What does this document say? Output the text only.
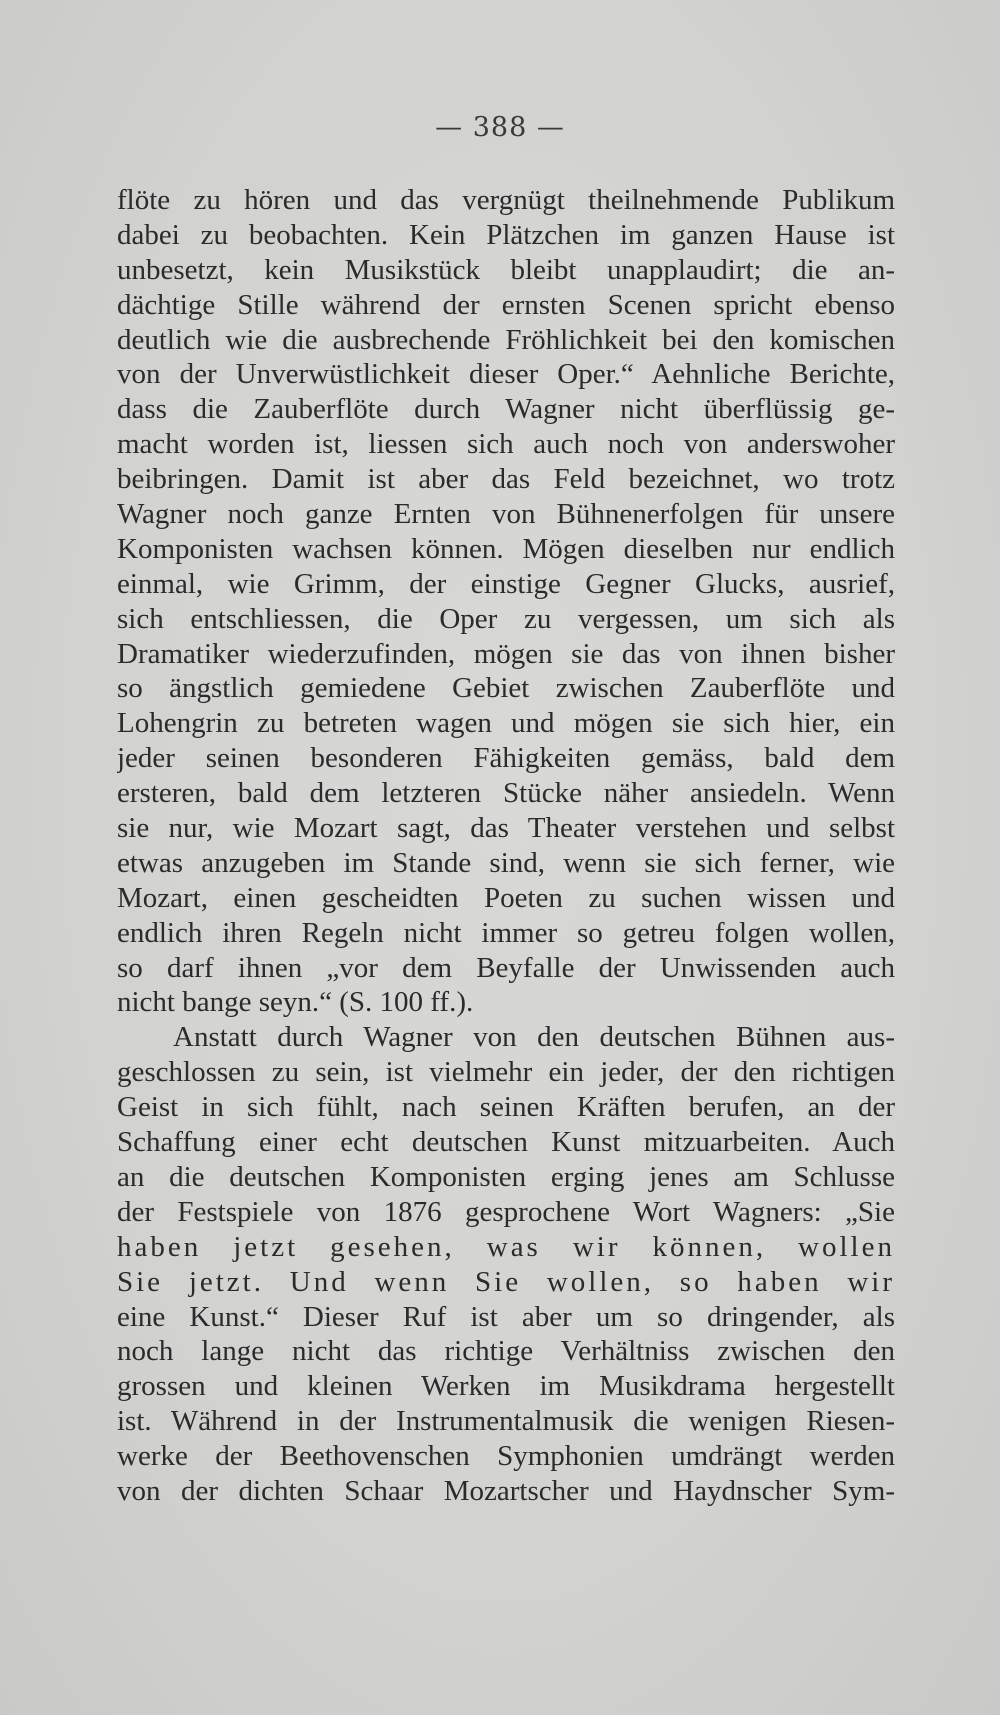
— 388 —
flöte zu hören und das vergnügt theilnehmende Publikum
dabei zu beobachten. Kein Plätzchen im ganzen Hause ist
unbesetzt, kein Musikstück bleibt unapplaudirt; die an-
dächtige Stille während der ernsten Scenen spricht ebenso
deutlich wie die ausbrechende Fröhlichkeit bei den komischen
von der Unverwüstlichkeit dieser Oper.“ Aehnliche Berichte,
dass die Zauberflöte durch Wagner nicht überflüssig ge-
macht worden ist, liessen sich auch noch von anderswoher
beibringen. Damit ist aber das Feld bezeichnet, wo trotz
Wagner noch ganze Ernten von Bühnenerfolgen für unsere
Komponisten wachsen können. Mögen dieselben nur endlich
einmal, wie Grimm, der einstige Gegner Glucks, ausrief,
sich entschliessen, die Oper zu vergessen, um sich als
Dramatiker wiederzufinden, mögen sie das von ihnen bisher
so ängstlich gemiedene Gebiet zwischen Zauberflöte und
Lohengrin zu betreten wagen und mögen sie sich hier, ein
jeder seinen besonderen Fähigkeiten gemäss, bald dem
ersteren, bald dem letzteren Stücke näher ansiedeln. Wenn
sie nur, wie Mozart sagt, das Theater verstehen und selbst
etwas anzugeben im Stande sind, wenn sie sich ferner, wie
Mozart, einen gescheidten Poeten zu suchen wissen und
endlich ihren Regeln nicht immer so getreu folgen wollen,
so darf ihnen „vor dem Beyfalle der Unwissenden auch
nicht bange seyn.“ (S. 100 ff.).
Anstatt durch Wagner von den deutschen Bühnen aus-
geschlossen zu sein, ist vielmehr ein jeder, der den richtigen
Geist in sich fühlt, nach seinen Kräften berufen, an der
Schaffung einer echt deutschen Kunst mitzuarbeiten. Auch
an die deutschen Komponisten erging jenes am Schlusse
der Festspiele von 1876 gesprochene Wort Wagners: „Sie
haben jetzt gesehen, was wir können, wollen
Sie jetzt. Und wenn Sie wollen, so haben wir
eine Kunst.“ Dieser Ruf ist aber um so dringender, als
noch lange nicht das richtige Verhältniss zwischen den
grossen und kleinen Werken im Musikdrama hergestellt
ist. Während in der Instrumentalmusik die wenigen Riesen-
werke der Beethovenschen Symphonien umdrängt werden
von der dichten Schaar Mozartscher und Haydnscher Sym-
